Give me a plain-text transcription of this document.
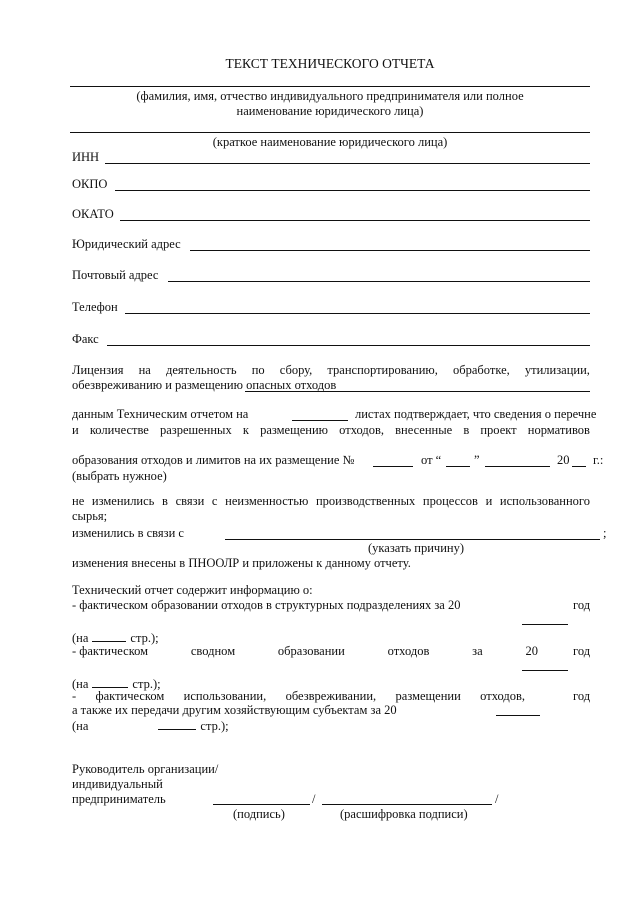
ТЕКСТ ТЕХНИЧЕСКОГО ОТЧЕТА
(фамилия, имя, отчество индивидуального предпринимателя или полное
наименование юридического лица)
(краткое наименование юридического лица)
ИНН
ОКПО
ОКАТО
Юридический адрес
Почтовый адрес
Телефон
Факс
Лицензия на деятельность по сбору, транспортированию, обработке, утилизации,
обезвреживанию и размещению опасных отходов
данным Техническим отчетом на	листах подтверждает, что сведения о перечне
и количестве разрешенных к размещению отходов, внесенные в проект нормативов
образования отходов и лимитов на их размещение №	от “	”	20 г.:
(выбрать нужное)
не изменились в связи с неизменностью производственных процессов и использованного
сырья;
изменились в связи с	;
(указать причину)
изменения внесены в ПНООЛР и приложены к данному отчету.
Технический отчет содержит информацию о:
- фактическом образовании отходов в структурных подразделениях за 20	год
(на	стр.);
- фактическом	сводном	образовании	отходов	за	20	год
(на	стр.);
- фактическом использовании, обезвреживании, размещении отходов,	год
а также их передачи другим хозяйствующим субъектам за 20
(на	стр.);
Руководитель организации/
индивидуальный
предприниматель	/	/
(подпись)	(расшифровка подписи)
